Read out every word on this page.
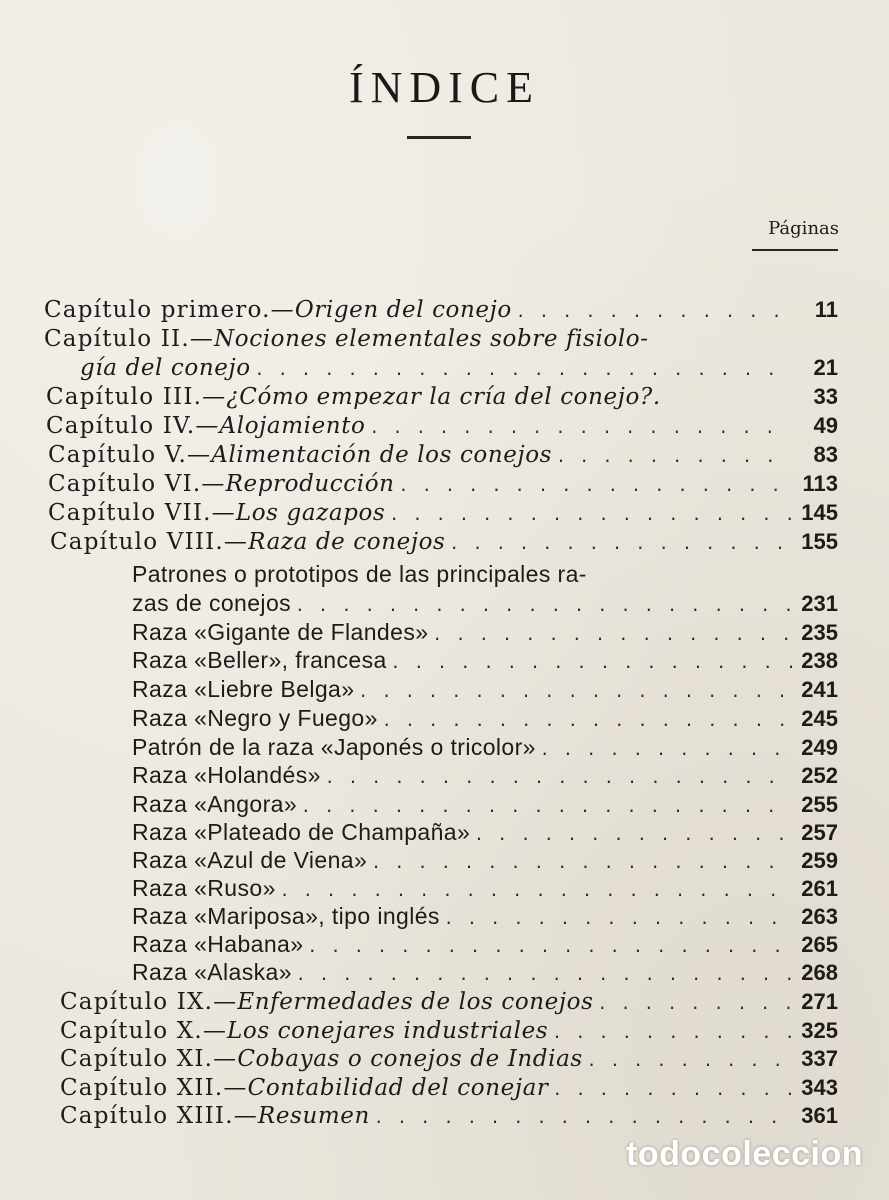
ÍNDICE
Páginas
Capítulo primero.— Origen del conejo . . .	11
Capítulo II.— Nociones elementales sobre fisiolo-
gía del conejo . . .	21
Capítulo III.— ¿Cómo empezar la cría del conejo?.	33
Capítulo IV.— Alojamiento . . .	49
Capítulo V.— Alimentación de los conejos . . .	83
Capítulo VI.— Reproducción . . .	113
Capítulo VII.— Los gazapos . . .	145
Capítulo VIII.— Raza de conejos . . .	155
Patrones o prototipos de las principales ra-
zas de conejos . . .	231
Raza «Gigante de Flandes» . . .	235
Raza «Beller», francesa . . .	238
Raza «Liebre Belga» . . .	241
Raza «Negro y Fuego» . . .	245
Patrón de la raza «Japonés o tricolor» . . .	249
Raza «Holandés» . . .	252
Raza «Angora» . . .	255
Raza «Plateado de Champaña» . . .	257
Raza «Azul de Viena» . . .	259
Raza «Ruso» . . .	261
Raza «Mariposa», tipo inglés . . .	263
Raza «Habana» . . .	265
Raza «Alaska» . . .	268
Capítulo IX.— Enfermedades de los conejos . . .	271
Capítulo X.— Los conejares industriales . . .	325
Capítulo XI.— Cobayas o conejos de Indias . . .	337
Capítulo XII.— Contabilidad del conejar . . .	343
Capítulo XIII.— Resumen . . .	361
todocoleccion
